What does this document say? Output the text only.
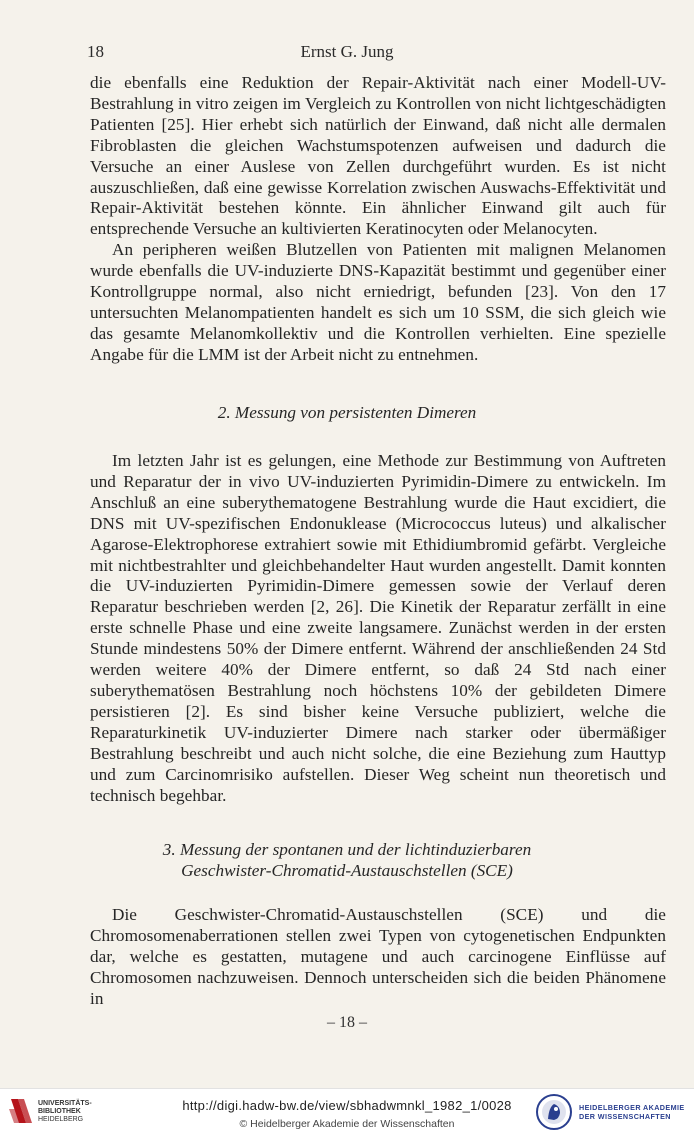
18	Ernst G. Jung

die ebenfalls eine Reduktion der Repair-Aktivität nach einer Modell-UV-Bestrahlung in vitro zeigen im Vergleich zu Kontrollen von nicht lichtgeschädigten Patienten [25]. Hier erhebt sich natürlich der Einwand, daß nicht alle dermalen Fibroblasten die gleichen Wachstumspotenzen aufweisen und dadurch die Versuche an einer Auslese von Zellen durchgeführt wurden. Es ist nicht auszuschließen, daß eine gewisse Korrelation zwischen Auswachs-Effektivität und Repair-Aktivität bestehen könnte. Ein ähnlicher Einwand gilt auch für entsprechende Versuche an kultivierten Keratinocyten oder Melanocyten.

An peripheren weißen Blutzellen von Patienten mit malignen Melanomen wurde ebenfalls die UV-induzierte DNS-Kapazität bestimmt und gegenüber einer Kontrollgruppe normal, also nicht erniedrigt, befunden [23]. Von den 17 untersuchten Melanompatienten handelt es sich um 10 SSM, die sich gleich wie das gesamte Melanomkollektiv und die Kontrollen verhielten. Eine spezielle Angabe für die LMM ist der Arbeit nicht zu entnehmen.

2. Messung von persistenten Dimeren

Im letzten Jahr ist es gelungen, eine Methode zur Bestimmung von Auftreten und Reparatur der in vivo UV-induzierten Pyrimidin-Dimere zu entwickeln. Im Anschluß an eine suberythematogene Bestrahlung wurde die Haut excidiert, die DNS mit UV-spezifischen Endonuklease (Micrococcus luteus) und alkalischer Agarose-Elektrophorese extrahiert sowie mit Ethidiumbromid gefärbt. Vergleiche mit nichtbestrahlter und gleichbehandelter Haut wurden angestellt. Damit konnten die UV-induzierten Pyrimidin-Dimere gemessen sowie der Verlauf deren Reparatur beschrieben werden [2, 26]. Die Kinetik der Reparatur zerfällt in eine erste schnelle Phase und eine zweite langsamere. Zunächst werden in der ersten Stunde mindestens 50% der Dimere entfernt. Während der anschließenden 24 Std werden weitere 40% der Dimere entfernt, so daß 24 Std nach einer suberythematösen Bestrahlung noch höchstens 10% der gebildeten Dimere persistieren [2]. Es sind bisher keine Versuche publiziert, welche die Reparaturkinetik UV-induzierter Dimere nach starker oder übermäßiger Bestrahlung beschreibt und auch nicht solche, die eine Beziehung zum Hauttyp und zum Carcinomrisiko aufstellen. Dieser Weg scheint nun theoretisch und technisch begehbar.

3. Messung der spontanen und der lichtinduzierbaren
Geschwister-Chromatid-Austauschstellen (SCE)

Die Geschwister-Chromatid-Austauschstellen (SCE) und die Chromosomenaberrationen stellen zwei Typen von cytogenetischen Endpunkten dar, welche es gestatten, mutagene und auch carcinogene Einflüsse auf Chromosomen nachzuweisen. Dennoch unterscheiden sich die beiden Phänomene in

– 18 –
UNIVERSITÄTS-
BIBLIOTHEK
HEIDELBERG
http://digi.hadw-bw.de/view/sbhadwmnkl_1982_1/0028
© Heidelberger Akademie der Wissenschaften
HEIDELBERGER AKADEMIE
DER WISSENSCHAFTEN
